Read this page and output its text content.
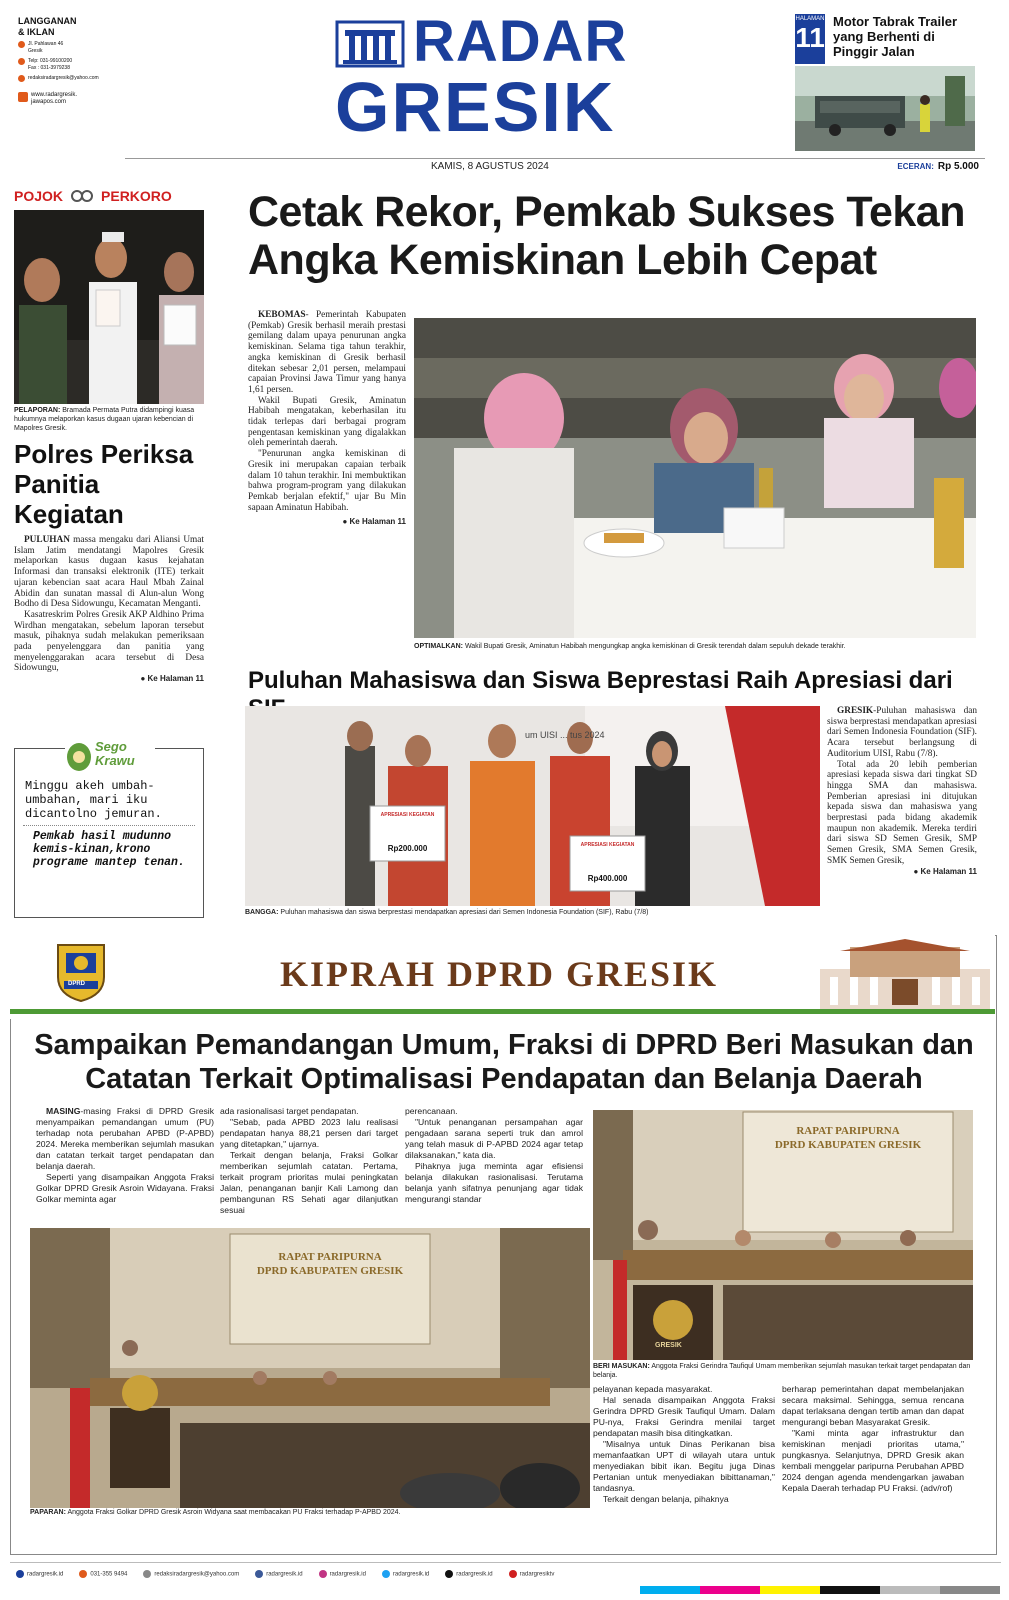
LANGGANAN
& IKLAN
Jl. Pahlawan 46
Gresik
Telp: 031-99100200
Fax : 031-3979238
redaksiradargresik@yahoo.com
www.radargresik.
jawapos.com
RADAR
GRESIK
HALAMAN
11
Motor Tabrak Trailer yang Berhenti di Pinggir Jalan
KAMIS, 8 AGUSTUS 2024	ECERAN: Rp 5.000
POJOK	PERKORO
PELAPORAN: Bramada Permata Putra didampingi kuasa hukumnya melaporkan kasus dugaan ujaran kebencian di Mapolres Gresik.
Polres Periksa Panitia Kegiatan

PULUHAN massa mengaku dari Aliansi Umat Islam Jatim mendatangi Mapolres Gresik melaporkan kasus dugaan kasus kejahatan Informasi dan transaksi elektronik (ITE) terkait ujaran kebencian saat acara Haul Mbah Zainal Abidin dan sunatan massal di Alun-alun Wong Bodho di Desa Sidowungu, Kecamatan Menganti.

Kasatreskrim Polres Gresik AKP Aldhino Prima Wirdhan mengatakan, sebelum laporan tersebut masuk, pihaknya sudah melakukan pemeriksaan pada penyelenggara dan panitia yang menyelenggarakan acara tersebut di Desa Sidowungu,

● Ke Halaman 11
Sego
Krawu
Minggu akeh umbah-umbahan, mari iku dicantolno jemuran.
Pemkab hasil mudunno kemis-kinan,krono programe mantep tenan.
Cetak Rekor, Pemkab Sukses Tekan Angka Kemiskinan Lebih Cepat

KEBOMAS- Pemerintah Kabupaten (Pemkab) Gresik berhasil meraih prestasi gemilang dalam upaya penurunan angka kemiskinan. Selama tiga tahun terakhir, angka kemiskinan di Gresik berhasil ditekan sebesar 2,01 persen, melampaui capaian Provinsi Jawa Timur yang hanya 1,61 persen.

Wakil Bupati Gresik, Aminatun Habibah mengatakan, keberhasilan itu tidak terlepas dari berbagai program pengentasan kemiskinan yang digalakkan oleh pemerintah daerah.

"Penurunan angka kemiskinan di Gresik ini merupakan capaian terbaik dalam 10 tahun terakhir. Ini membuktikan bahwa program-program yang dilakukan Pemkab berjalan efektif," ujar Bu Min sapaan Aminatun Habibah.

● Ke Halaman 11
OPTIMALKAN: Wakil Bupati Gresik, Aminatun Habibah mengungkap angka kemiskinan di Gresik terendah dalam sepuluh dekade terakhir.
Puluhan Mahasiswa dan Siswa Beprestasi Raih Apresiasi dari
APRESIASI KEGIATAN
Rp200.000	APRESIASI KEGIATAN
Rp400.000
um UISI ... tus 2024

GRESIK-Puluhan mahasiswa dan siswa berprestasi mendapatkan apresiasi dari Semen Indonesia Foundation (SIF). Acara tersebut berlangsung di Auditorium UISI, Rabu (7/8).

Total ada 20 lebih pemberian apresiasi kepada siswa dari tingkat SD hingga SMA dan mahasiswa. Pemberian apresiasi ini ditujukan kepada siswa dan mahasiswa yang berprestasi pada bidang akademik maupun non akademik. Mereka terdiri dari siswa SD Semen Gresik, SMP Semen Gresik, SMA Semen Gresik, SMK Semen Gresik,

● Ke Halaman 11
BANGGA: Puluhan mahasiswa dan siswa berprestasi mendapatkan apresiasi dari Semen Indonesia Foundation (SIF), Rabu (7/8)
DPRD	KIPRAH DPRD GRESIK
Sampaikan Pemandangan Umum, Fraksi di DPRD Beri Masukan dan Catatan Terkait Optimalisasi Pendapatan dan Belanja Daerah

MASING-masing Fraksi di DPRD Gresik menyampaikan pemandangan umum (PU) terhadap nota perubahan APBD (P-APBD) 2024. Mereka memberikan sejumlah masukan dan catatan terkait target pendapatan dan belanja daerah.

Seperti yang disampaikan Anggota Fraksi Golkar DPRD Gresik Asroin Widayana. Fraksi Golkar meminta agar

ada rasionalisasi target pendapatan.

"Sebab, pada APBD 2023 lalu realisasi pendapatan hanya 88,21 persen dari target yang ditetapkan," ujarnya.

Terkait dengan belanja, Fraksi Golkar memberikan sejumlah catatan. Pertama, terkait program prioritas mulai peningkatan Jalan, penanganan banjir Kali Lamong dan pembangunan RS Sehati agar dilanjutkan sesuai

perencanaan.

"Untuk penanganan persampahan agar pengadaan sarana seperti truk dan amrol yang telah masuk di P-APBD 2024 agar tetap dilaksanakan," kata dia.

Pihaknya juga meminta agar efisiensi belanja dilakukan rasionalisasi. Terutama belanja yanh sifatnya penunjang agar tidak mengurangi standar

RAPAT PARIPURNA
DPRD KABUPATEN GRESIK
PAPARAN: Anggota Fraksi Golkar DPRD Gresik Asroin Widyana saat membacakan PU Fraksi terhadap P-APBD 2024.
RAPAT PARIPURNA
DPRD KABUPATEN GRESIK
GRESIK
BERI MASUKAN: Anggota Fraksi Gerindra Taufiqul Umam memberikan sejumlah masukan terkait target pendapatan dan belanja.

pelayanan kepada masyarakat.

Hal senada disampaikan Anggota Fraksi Gerindra DPRD Gresik Taufiqul Umam. Dalam PU-nya, Fraksi Gerindra menilai target pendapatan masih bisa ditingkatkan.

"Misalnya untuk Dinas Perikanan bisa memanfaatkan UPT di wilayah utara untuk menyediakan bibit ikan. Begitu juga Dinas Pertanian untuk menyediakan bibittanaman," tandasnya.

Terkait dengan belanja, pihaknya

berharap pemerintahan dapat membelanjakan secara maksimal. Sehingga, semua rencana dapat terlaksana dengan tertib aman dan dapat mengurangi beban Masyarakat Gresik.

"Kami minta agar infrastruktur dan kemiskinan menjadi prioritas utama," pungkasnya. Selanjutnya, DPRD Gresik akan kembali menggelar paripurna Perubahan APBD 2024 dengan agenda mendengarkan jawaban Kepala Daerah terhadap PU Fraksi. (adv/rof)

radargresik.id	031-355 9494	redaksiradargresik@yahoo.com	radargresik.id	radargresik.id	radargresik.id	radargresik.id	radargresiktv
